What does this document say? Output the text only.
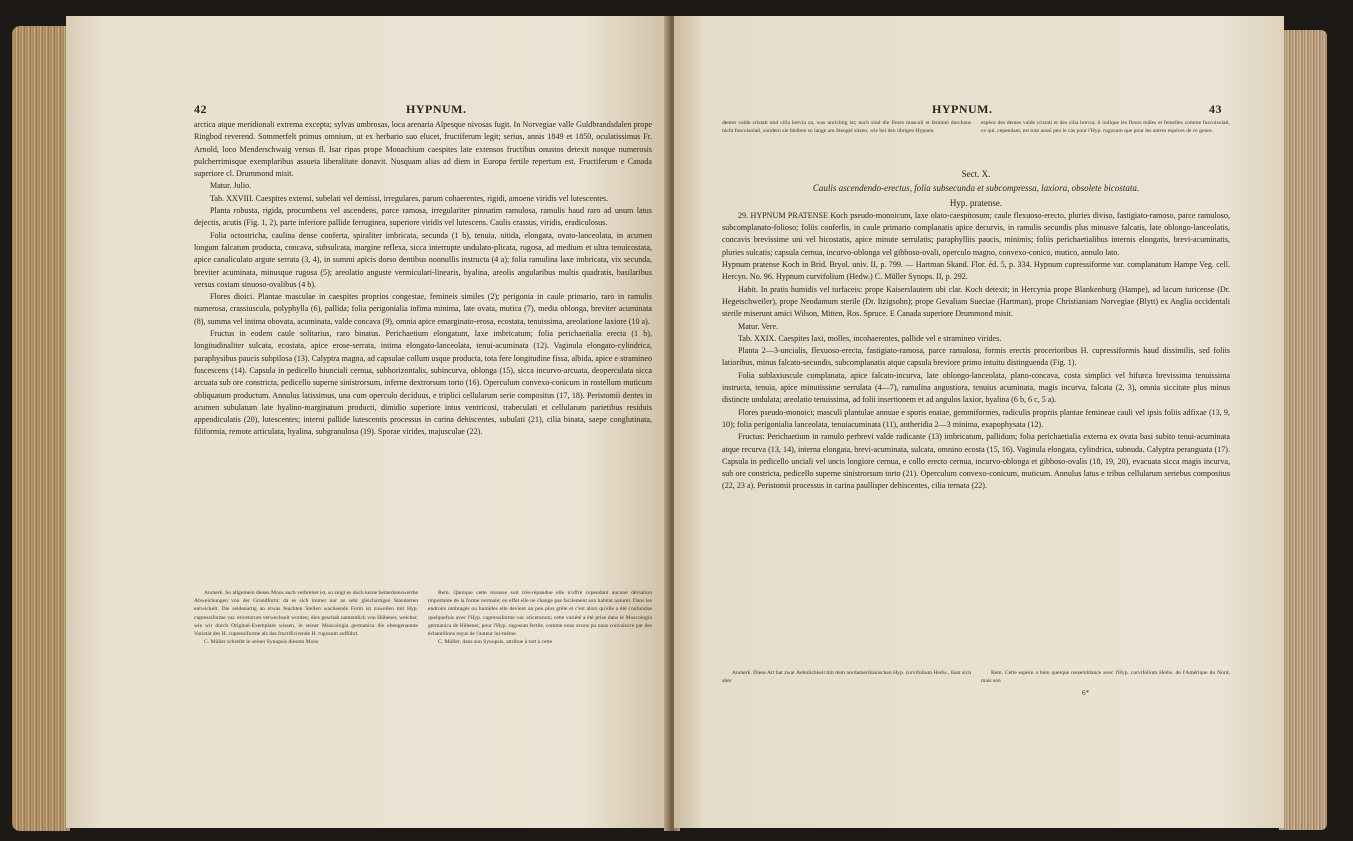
42	HYPNUM.

arctica atque meridionali extrema excepta; sylvas umbrosas, loca arenaria Alpesque nivosas fugit. In Norvegiae valle Guldbrandsdalen prope Ringbod reverend. Sommerfelt primus omnium, ut ex herbario suo elucet, fructiferum legit; serius, annis 1849 et 1850, oculatissimus Fr. Arnold, loco Menderschwaig versus fl. Isar ripas prope Monachium caespites late extensos fructibus onustos detexit nosque numerosis pulcherrimisque exemplaribus assueta liberalitate donavit. Nusquam alias ad diem in Europa fertile repertum est. Fructiferum e Canada superiore cl. Drummond misit.

Matur. Julio.

Tab. XXVIII. Caespites extensi, subelati vel demissi, irregulares, parum cohaerentes, rigidi, amoene viridis vel lutescentes.

Planta robusta, rigida, procumbens vel ascendens, parce ramosa, irregulariter pinnatim ramulosa, ramulis haud raro ad unum latus dejectis, acutis (Fig. 1, 2), parte inferiore pallide ferruginea, superiore viridis vel lutescens. Caulis crassus, viridis, eradiculosus.

Folia octostricha, caulina dense conferta, spiraliter imbricata, secunda (1 b), tenuia, nitida, elongata, ovato-lanceolata, in acumen longum falcatum producta, concava, subsulcata, margine reflexa, sicca interrupte undulato-plicata, rugosa, ad medium et ultra tenuicostata, apice canaliculato argute serrata (3, 4), in summi apicis dorso dentibus nonnullis instructa (4 a); folia ramulina laxe imbricata, vix secunda, breviter acuminata, minusque rugosa (5); areolatio anguste vermiculari-linearis, hyalina, areolis angularibus multis quadratis, basilaribus versus costam sinuoso-ovalibus (4 b).

Flores dioici. Plantae masculae in caespites proprios congestae, femineis similes (2); perigonia in caule primario, raro in ramulis numerosa, crassiuscula, polyphylla (6), pallida; folia perigonialia infima minima, late ovata, mutica (7), media oblonga, breviter acuminata (8), summa vel intima obovata, acuminata, valde concava (9), omnia apice emarginato-erosa, ecostata, tenuissima, areolatione laxiore (10 a).

Fructus in eodem caule solitarius, raro binatus. Perichaetium elongatum, laxe imbricatum; folia perichaetialia erecta (1 b), longitudinaliter sulcata, ecostata, apice erose-serrata, intima elongato-lanceolata, tenui-acuminata (12). Vaginula elongato-cylindrica, paraphysibus paucis subpilosa (13). Calyptra magna, ad capsulae collum usque producta, tota fere longitudine fissa, albida, apice e stramineo fuscescens (14). Capsula in pedicello biunciali cernua, subhorizontalis, subincurva, oblonga (15), sicca incurvo-arcuata, deoperculata sicca arcuata sub ore constricta, pedicello superne sinistrorsum, inferne dextrorsum torto (16). Operculum convexo-conicum in rostellum muticum obliquatum productum. Annulus latissimus, una cum operculo deciduus, e triplici cellularum serie compositus (17, 18). Peristomii dentes in acumen subulatum late hyalino-marginatum producti, dimidio superiore intus ventricosi, trabeculati et cellularum parietibus residuis appendiculatis (20), lutescentes; interni pallide lutescentis processus in carina dehiscentes, subulati (21), cilia binata, saepe conglutinata, filiformia, remote articulata, hyalina, subgranulosa (19). Sporae virides, majusculae (22).

Anmerk. So allgemein dieses Moos auch verbreitet ist, so zeigt es doch keine bemerkenswerthe Abweichungen von der Grundform; da es sich immer nur an sehr gleichartigen Standorten entwickelt. Die seidenartig an etwas feuchten Stellen wachsende Form ist zuweilen mit Hyp. cupressiforme var. ericetorum verwechselt worden; dies geschah namentlich von Hübener, welcher, wie wir durch Original-Exemplare wissen, in seiner Muscologia germanica die ebengenannte Varietät des H. cupressiforme als das fructificirende H. rugosum aufführt.

C. Müller schreibt in seiner Synopsis diesem Moos

Rem. Quoique cette mousse soit très-répandue elle n'offre cependant aucune déviation importante de la forme normale; en effet elle ne change pas facilement son habitat naturel. Dans les endroits ombragés ou humides elle devient un peu plus grêle et c'est alors qu'elle a été confondue quelquefois avec l'Hyp. cupressiforme var. ericetorum; cette variété a été prise dans le Muscologia germanica de Hübener, pour l'Hyp. rugosum fertile, comme nous avons pu nous convaincre par des échantillons reçus de l'auteur lui-même.

C. Müller, dans son Synopsis, attribue à tort à cette

HYPNUM.	43

dentes valde cristati und cilia brevia zu, was unrichtig ist; auch sind die flores masculi et feminei durchaus nicht fuscoisolati, sondern sie bleiben so lange am Stengel sitzen, wie bei den übrigen Hypnen.

espèce des dentes valde cristati et des cilia brevia; il indique les fleurs mâles et femelles comme fuscoisolati, ce qui, cependant, est tout aussi peu le cas pour l'Hyp. rugosum que pour les autres espèces de ce genre.

Sect. X.
Caulis ascendendo-erectus, folia subsecunda et subcompressa, laxiora, obsolete bicostata.
Hyp. pratense.

29. HYPNUM PRATENSE Koch pseudo-monoicum, laxe olato-caespitosum; caule flexuoso-erecto, pluries diviso, fastigiato-ramoso, parce ramuloso, subcomplanato-folioso; foliis conferlis, in caule primario complanatis apice decurvis, in ramulis secundis plus minusve falcatis, late oblongo-lanceolatis, concavis brevissime uni vel bicostatis, apice minute serrulatis; paraphylliis paucis, minimis; foliis perichaetialibus internis elongatis, brevi-acuminatis, pluries sulcatis; capsula cernua, incurvo-oblonga vel gibboso-ovali, operculo magno, convexo-conico, mutico, annulo lato.

Hypnum pratense Koch in Brid. Bryol. univ. II, p. 799. — Hartman Skand. Flor. éd. 5, p. 334. Hypnum cupressiforme var. complanatum Hampe Veg. cell. Hercyn. No. 96. Hypnum curvifolium (Hedw.) C. Müller Synops. II, p. 292.

Habit. In pratis humidis vel turfaceis: prope Kaiserslautern ubi clar. Koch detexit; in Hercynia prope Blankenburg (Hampe), ad lacum turicense (Dr. Hegetschweiler), prope Neodamum sterile (Dr. Itzigsohn); prope Gevaliam Sueciae (Hartman), prope Christianiam Norvegiae (Blytt) ex Anglia occidentali sterile miserunt amici Wilson, Mitten, Ros. Spruce. E Canada superiore Drummond misit.

Matur. Vere.

Tab. XXIX. Caespites laxi, molles, incohaerentes, pallide vel e stramineo virides.

Planta 2—3-uncialis, flexuoso-erecta, fastigiato-ramosa, parce ramulosa, formis erectis procerioribus H. cupressiformis haud dissimilis, sed foliis latioribus, minus falcato-secundis, subcomplanatis atque capsula breviore primo intuitu distinguenda (Fig. 1).

Folia sublaxiuscule complanata, apice falcato-incurva, late oblongo-lanceolata, plano-concava, costa simplici vel bifurca brevissima tenuissima instructa, tenuia, apice minutissime serrulata (4—7), ramulina angustiora, tenuius acuminata, magis incurva, falcata (2, 3), omnia siccitate plus minus distincte undulata; areolatio tenuissima, ad folii insertionem et ad angulos laxior, hyalina (6 b, 6 c, 5 a).

Flores pseudo-monoici; masculi plantulae annuae e sporis enatae, gemmiformes, radiculis propriis plantae femineae cauli vel ipsis foliis adfixae (13, 9, 10); folia perigonialia lanceolata, tenuiacuminata (11), antheridia 2—3 minima, exapophysata (12).

Fructus: Perichaetium in ramulo perbrevi valde radicante (13) imbricatum, pallidum; folia perichaetialia externa ex ovata basi subito tenui-acuminata atque recurva (13, 14), interna elongata, brevi-acuminata, sulcata, omnino ecosta (15, 16). Vaginula elongata, cylindrica, subnuda. Calyptra peranguata (17). Capsula in pedicello unciali vel uncis longiore cernua, e collo erecto cernua, incurvo-oblonga et gibboso-ovalis (18, 19, 20), evacuata sicca magis incurva, sub ore constricta, pedicello superne sinistrorsum torto (21). Operculum convexo-conicum, muticum. Annulus latus e tribus cellularum seriebus compositus (22, 23 a). Peristomii processus in carina paullisper dehiscentes, cilia ternata (22).

Anmerk. Diese Art hat zwar Aehnlichkeit mit dem nordamerikanischen Hyp. curvifolium Hedw., lässt sich aber

Rem. Cette espèce a bien quelque ressemblance avec l'Hyp. curvifolium Hedw. de l'Amérique du Nord, mais son

6*
